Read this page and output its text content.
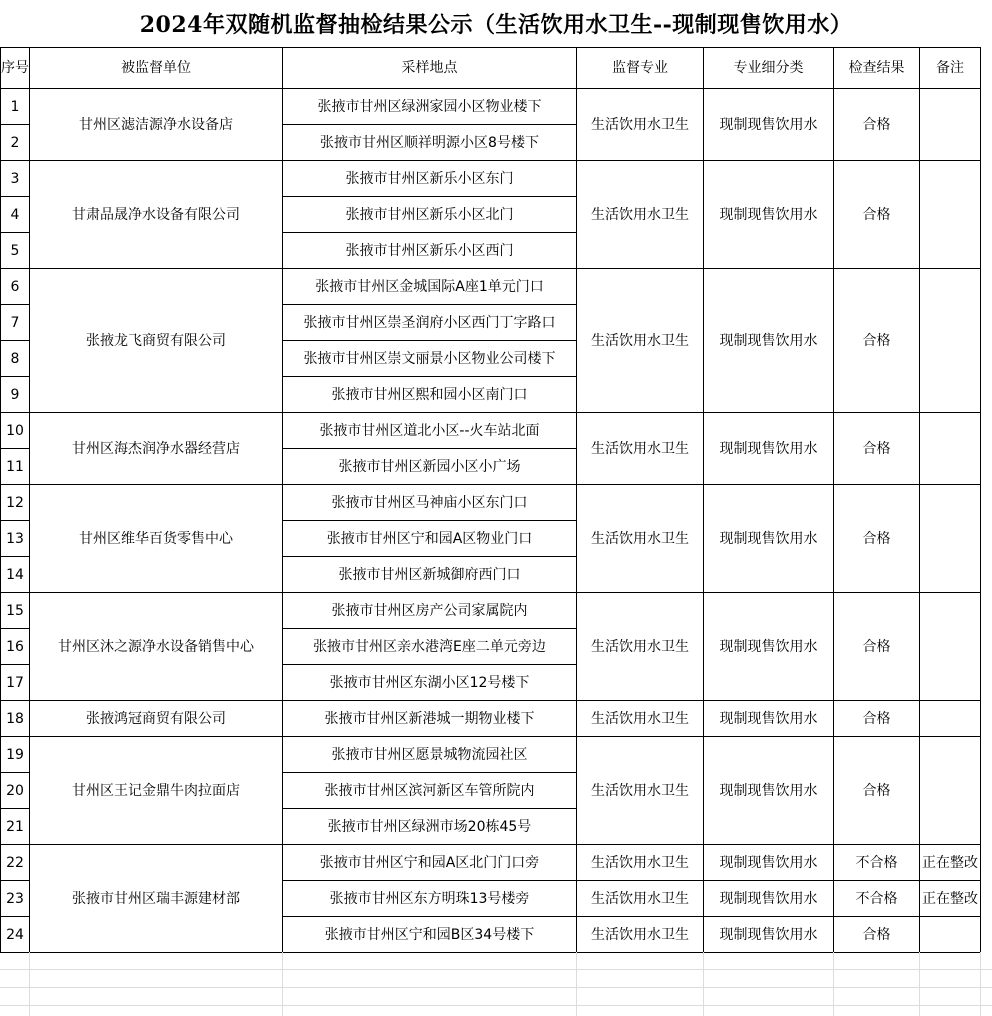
2024年双随机监督抽检结果公示（生活饮用水卫生--现制现售饮用水）
序号	被监督单位	采样地点	监督专业	专业细分类	检查结果	备注
1	甘州区滤洁源净水设备店	张掖市甘州区绿洲家园小区物业楼下	生活饮用水卫生	现制现售饮用水	合格	
2		张掖市甘州区顺祥明源小区8号楼下				
3	甘肃品晟净水设备有限公司	张掖市甘州区新乐小区东门	生活饮用水卫生	现制现售饮用水	合格	
4		张掖市甘州区新乐小区北门				
5		张掖市甘州区新乐小区西门				
6	张掖龙飞商贸有限公司	张掖市甘州区金城国际A座1单元门口	生活饮用水卫生	现制现售饮用水	合格	
7		张掖市甘州区崇圣润府小区西门丁字路口				
8		张掖市甘州区崇文丽景小区物业公司楼下				
9		张掖市甘州区熙和园小区南门口				
10	甘州区海杰润净水器经营店	张掖市甘州区道北小区--火车站北面	生活饮用水卫生	现制现售饮用水	合格	
11		张掖市甘州区新园小区小广场				
12	甘州区维华百货零售中心	张掖市甘州区马神庙小区东门口	生活饮用水卫生	现制现售饮用水	合格	
13		张掖市甘州区宁和园A区物业门口				
14		张掖市甘州区新城御府西门口				
15	甘州区沐之源净水设备销售中心	张掖市甘州区房产公司家属院内	生活饮用水卫生	现制现售饮用水	合格	
16		张掖市甘州区亲水港湾E座二单元旁边				
17		张掖市甘州区东湖小区12号楼下				
18	张掖鸿冠商贸有限公司	张掖市甘州区新港城一期物业楼下	生活饮用水卫生	现制现售饮用水	合格	
19	甘州区王记金鼎牛肉拉面店	张掖市甘州区愿景城物流园社区	生活饮用水卫生	现制现售饮用水	合格	
20		张掖市甘州区滨河新区车管所院内				
21		张掖市甘州区绿洲市场20栋45号				
22	张掖市甘州区瑞丰源建材部	张掖市甘州区宁和园A区北门门口旁	生活饮用水卫生	现制现售饮用水	不合格	正在整改
23		张掖市甘州区东方明珠13号楼旁	生活饮用水卫生	现制现售饮用水	不合格	正在整改
24		张掖市甘州区宁和园B区34号楼下	生活饮用水卫生	现制现售饮用水	合格	
